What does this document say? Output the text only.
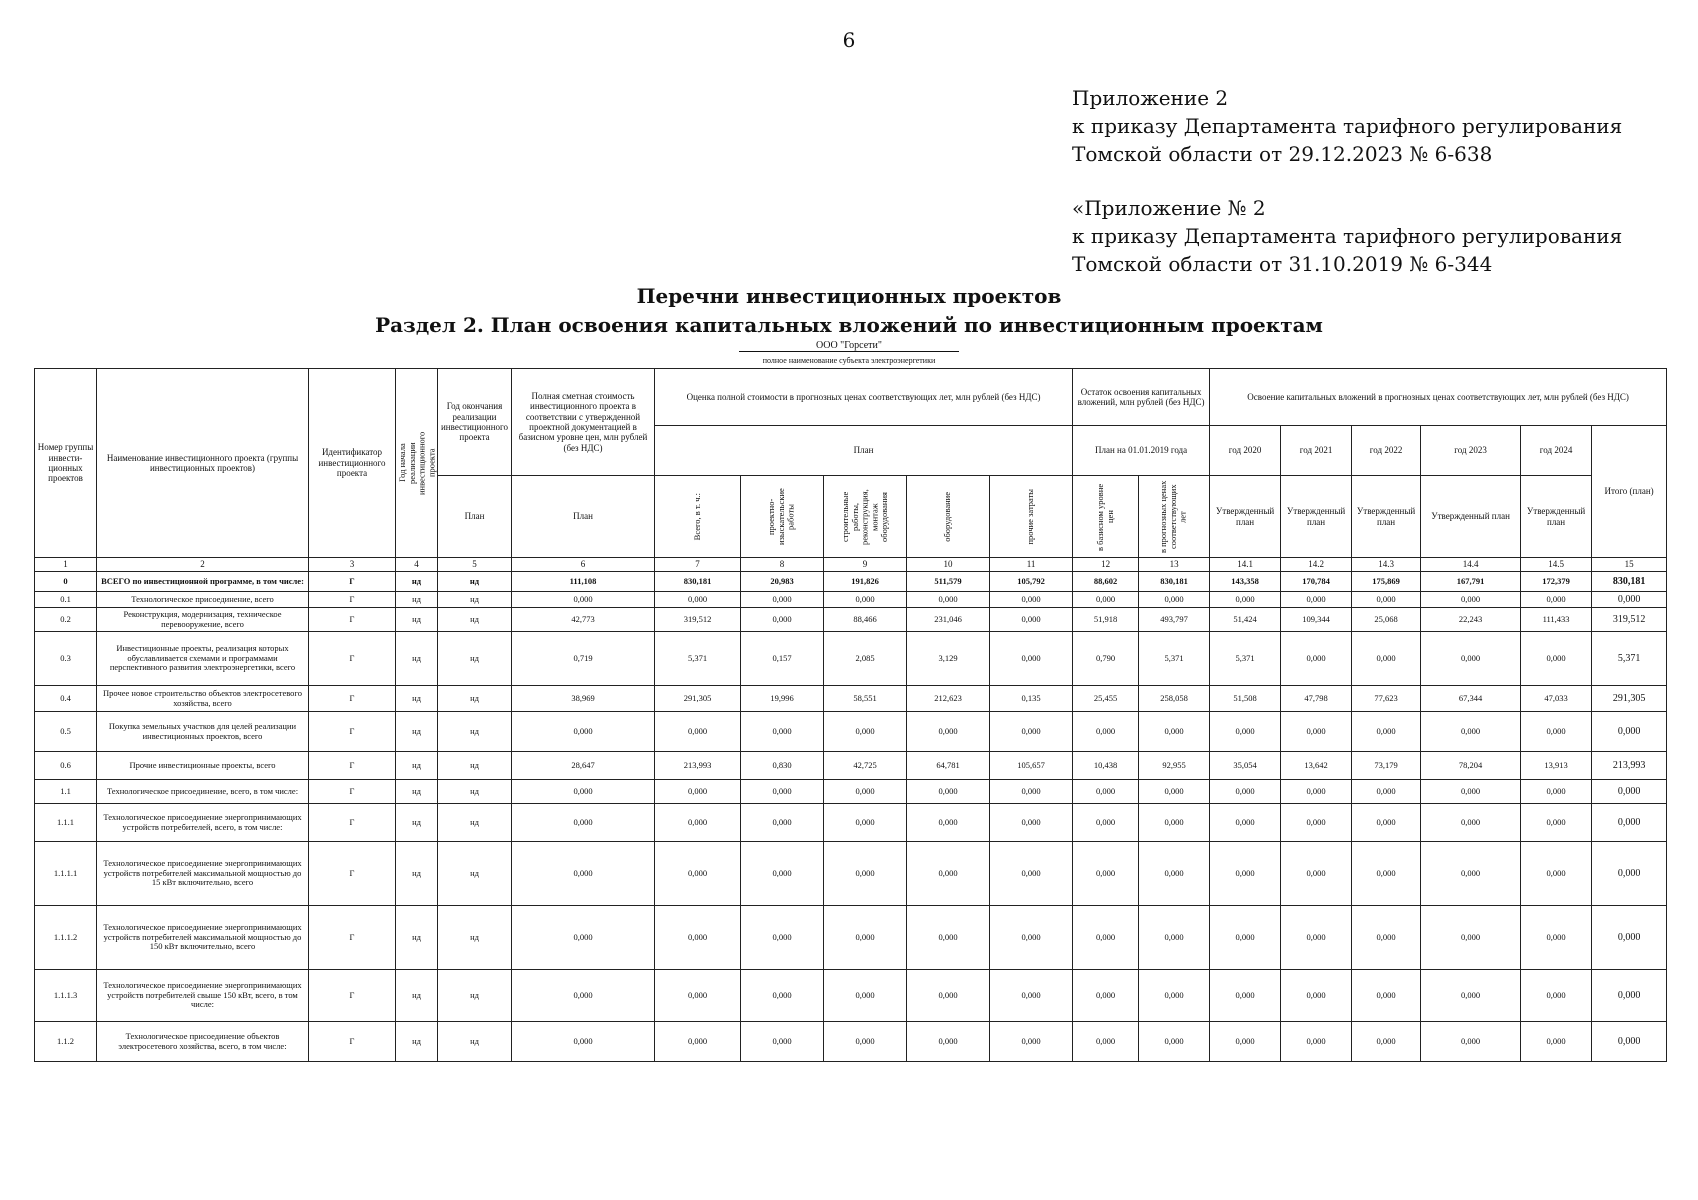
6
Приложение 2
к приказу Департамента тарифного регулирования
Томской области от 29.12.2023 № 6-638
«Приложение № 2
к приказу Департамента тарифного регулирования
Томской области от 31.10.2019 № 6-344
Перечни инвестиционных проектов
Раздел 2. План освоения капитальных вложений по инвестиционным проектам
ООО "Горсети"
полное наименование субъекта электроэнергетики
Номер группы инвести-ционных проектов	Наименование инвестиционного проекта (группы инвестиционных проектов)	Идентификатор инвестиционного проекта	Год начала реализации инвестиционного проекта	Год окончания реализации инвестиционного проекта	Полная сметная стоимость инвестиционного проекта в соответствии с утвержденной проектной документацией в базисном уровне цен, млн рублей (без НДС)	Оценка полной стоимости в прогнозных ценах соответствующих лет, млн рублей (без НДС)					Остаток освоения капитальных вложений, млн рублей (без НДС)		Освоение капитальных вложений в прогнозных ценах соответствующих лет, млн рублей (без НДС)					
						План					План на 01.01.2019 года		год 2020	год 2021	год 2022	год 2023	год 2024	Итого (план)
				План	План	Всего, в т. ч.:	проектно-изыскательские работы	строительные работы, реконструкция, монтаж оборудования	оборудование	прочие затраты	в базисном уровне цен	в прогнозных ценах соответствующих лет	Утвержденный план	Утвержденный план	Утвержденный план	Утвержденный план	Утвержденный план	
1	2	3	4	5	6	7	8	9	10	11	12	13	14.1	14.2	14.3	14.4	14.5	15
0	ВСЕГО по инвестиционной программе, в том числе:	Г	нд	нд	111,108	830,181	20,983	191,826	511,579	105,792	88,602	830,181	143,358	170,784	175,869	167,791	172,379	830,181
0.1	Технологическое присоединение, всего	Г	нд	нд	0,000	0,000	0,000	0,000	0,000	0,000	0,000	0,000	0,000	0,000	0,000	0,000	0,000	0,000
0.2	Реконструкция, модернизация, техническое перевооружение, всего	Г	нд	нд	42,773	319,512	0,000	88,466	231,046	0,000	51,918	493,797	51,424	109,344	25,068	22,243	111,433	319,512
0.3	Инвестиционные проекты, реализация которых обуславливается схемами и программами перспективного развития электроэнергетики, всего	Г	нд	нд	0,719	5,371	0,157	2,085	3,129	0,000	0,790	5,371	5,371	0,000	0,000	0,000	0,000	5,371
0.4	Прочее новое строительство объектов электросетевого хозяйства, всего	Г	нд	нд	38,969	291,305	19,996	58,551	212,623	0,135	25,455	258,058	51,508	47,798	77,623	67,344	47,033	291,305
0.5	Покупка земельных участков для целей реализации инвестиционных проектов, всего	Г	нд	нд	0,000	0,000	0,000	0,000	0,000	0,000	0,000	0,000	0,000	0,000	0,000	0,000	0,000	0,000
0.6	Прочие инвестиционные проекты, всего	Г	нд	нд	28,647	213,993	0,830	42,725	64,781	105,657	10,438	92,955	35,054	13,642	73,179	78,204	13,913	213,993
1.1	Технологическое присоединение, всего, в том числе:	Г	нд	нд	0,000	0,000	0,000	0,000	0,000	0,000	0,000	0,000	0,000	0,000	0,000	0,000	0,000	0,000
1.1.1	Технологическое присоединение энергопринимающих устройств потребителей, всего, в том числе:	Г	нд	нд	0,000	0,000	0,000	0,000	0,000	0,000	0,000	0,000	0,000	0,000	0,000	0,000	0,000	0,000
1.1.1.1	Технологическое присоединение энергопринимающих устройств потребителей максимальной мощностью до 15 кВт включительно, всего	Г	нд	нд	0,000	0,000	0,000	0,000	0,000	0,000	0,000	0,000	0,000	0,000	0,000	0,000	0,000	0,000
1.1.1.2	Технологическое присоединение энергопринимающих устройств потребителей максимальной мощностью до 150 кВт включительно, всего	Г	нд	нд	0,000	0,000	0,000	0,000	0,000	0,000	0,000	0,000	0,000	0,000	0,000	0,000	0,000	0,000
1.1.1.3	Технологическое присоединение энергопринимающих устройств потребителей свыше 150 кВт, всего, в том числе:	Г	нд	нд	0,000	0,000	0,000	0,000	0,000	0,000	0,000	0,000	0,000	0,000	0,000	0,000	0,000	0,000
1.1.2	Технологическое присоединение объектов электросетевого хозяйства, всего, в том числе:	Г	нд	нд	0,000	0,000	0,000	0,000	0,000	0,000	0,000	0,000	0,000	0,000	0,000	0,000	0,000	0,000
